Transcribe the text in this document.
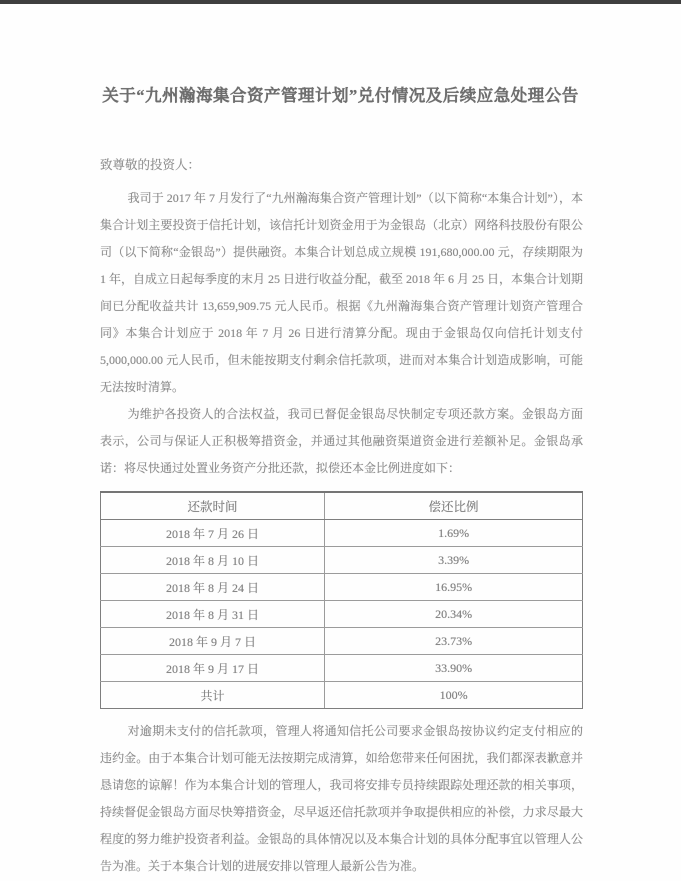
关于“九州瀚海集合资产管理计划”兑付情况及后续应急处理公告

致尊敬的投资人：

我司于 2017 年 7 月发行了“九州瀚海集合资产管理计划”（以下简称“本集合计划”），本集合计划主要投资于信托计划，该信托计划资金用于为金银岛（北京）网络科技股份有限公司（以下简称“金银岛”）提供融资。本集合计划总成立规模 191,680,000.00 元，存续期限为 1 年，自成立日起每季度的末月 25 日进行收益分配，截至 2018 年 6 月 25 日，本集合计划期间已分配收益共计 13,659,909.75 元人民币。根据《九州瀚海集合资产管理计划资产管理合同》本集合计划应于 2018 年 7 月 26 日进行清算分配。现由于金银岛仅向信托计划支付 5,000,000.00 元人民币，但未能按期支付剩余信托款项，进而对本集合计划造成影响，可能无法按时清算。

为维护各投资人的合法权益，我司已督促金银岛尽快制定专项还款方案。金银岛方面表示，公司与保证人正积极筹措资金，并通过其他融资渠道资金进行差额补足。金银岛承诺：将尽快通过处置业务资产分批还款，拟偿还本金比例进度如下：

还款时间	偿还比例
2018 年 7 月 26 日	1.69%
2018 年 8 月 10 日	3.39%
2018 年 8 月 24 日	16.95%
2018 年 8 月 31 日	20.34%
2018 年 9 月 7 日	23.73%
2018 年 9 月 17 日	33.90%
共计	100%

对逾期未支付的信托款项，管理人将通知信托公司要求金银岛按协议约定支付相应的违约金。由于本集合计划可能无法按期完成清算，如给您带来任何困扰，我们都深表歉意并恳请您的谅解！作为本集合计划的管理人，我司将安排专员持续跟踪处理还款的相关事项，持续督促金银岛方面尽快筹措资金，尽早返还信托款项并争取提供相应的补偿，力求尽最大程度的努力维护投资者利益。金银岛的具体情况以及本集合计划的具体分配事宜以管理人公告为准。关于本集合计划的进展安排以管理人最新公告为准。
